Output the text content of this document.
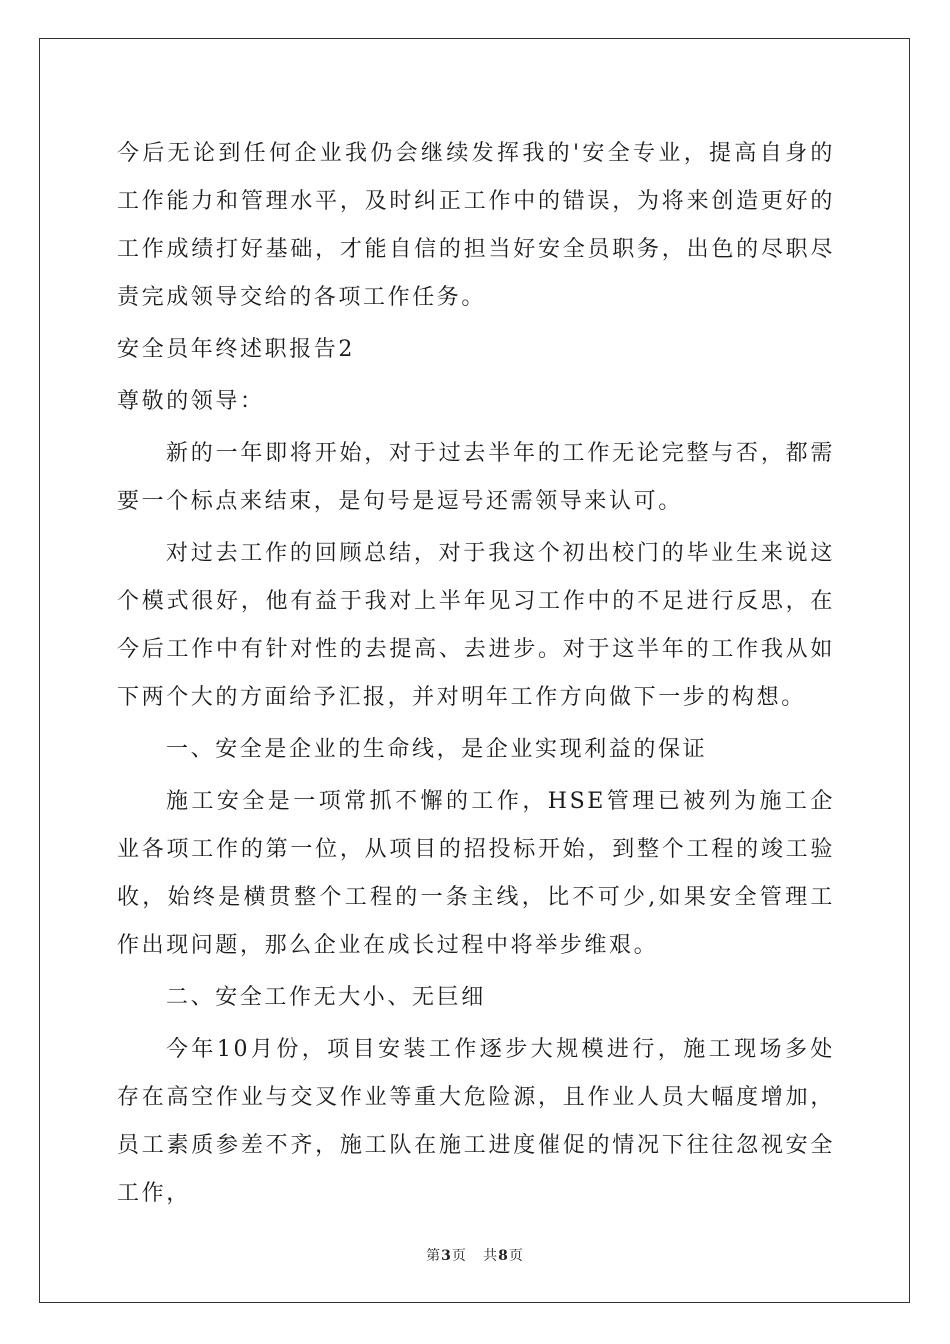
今后无论到任何企业我仍会继续发挥我的'安全专业，提高自身的工作能力和管理水平，及时纠正工作中的错误，为将来创造更好的工作成绩打好基础，才能自信的担当好安全员职务，出色的尽职尽责完成领导交给的各项工作任务。

安全员年终述职报告2

尊敬的领导：

新的一年即将开始，对于过去半年的工作无论完整与否，都需要一个标点来结束，是句号是逗号还需领导来认可。

对过去工作的回顾总结，对于我这个初出校门的毕业生来说这个模式很好，他有益于我对上半年见习工作中的不足进行反思，在今后工作中有针对性的去提高、去进步。对于这半年的工作我从如下两个大的方面给予汇报，并对明年工作方向做下一步的构想。

一、安全是企业的生命线，是企业实现利益的保证

施工安全是一项常抓不懈的工作，HSE管理已被列为施工企业各项工作的第一位，从项目的招投标开始，到整个工程的竣工验收，始终是横贯整个工程的一条主线，比不可少,如果安全管理工作出现问题，那么企业在成长过程中将举步维艰。

二、安全工作无大小、无巨细

今年10月份，项目安装工作逐步大规模进行，施工现场多处存在高空作业与交叉作业等重大危险源，且作业人员大幅度增加，员工素质参差不齐，施工队在施工进度催促的情况下往往忽视安全工作，

第3页 共8页
